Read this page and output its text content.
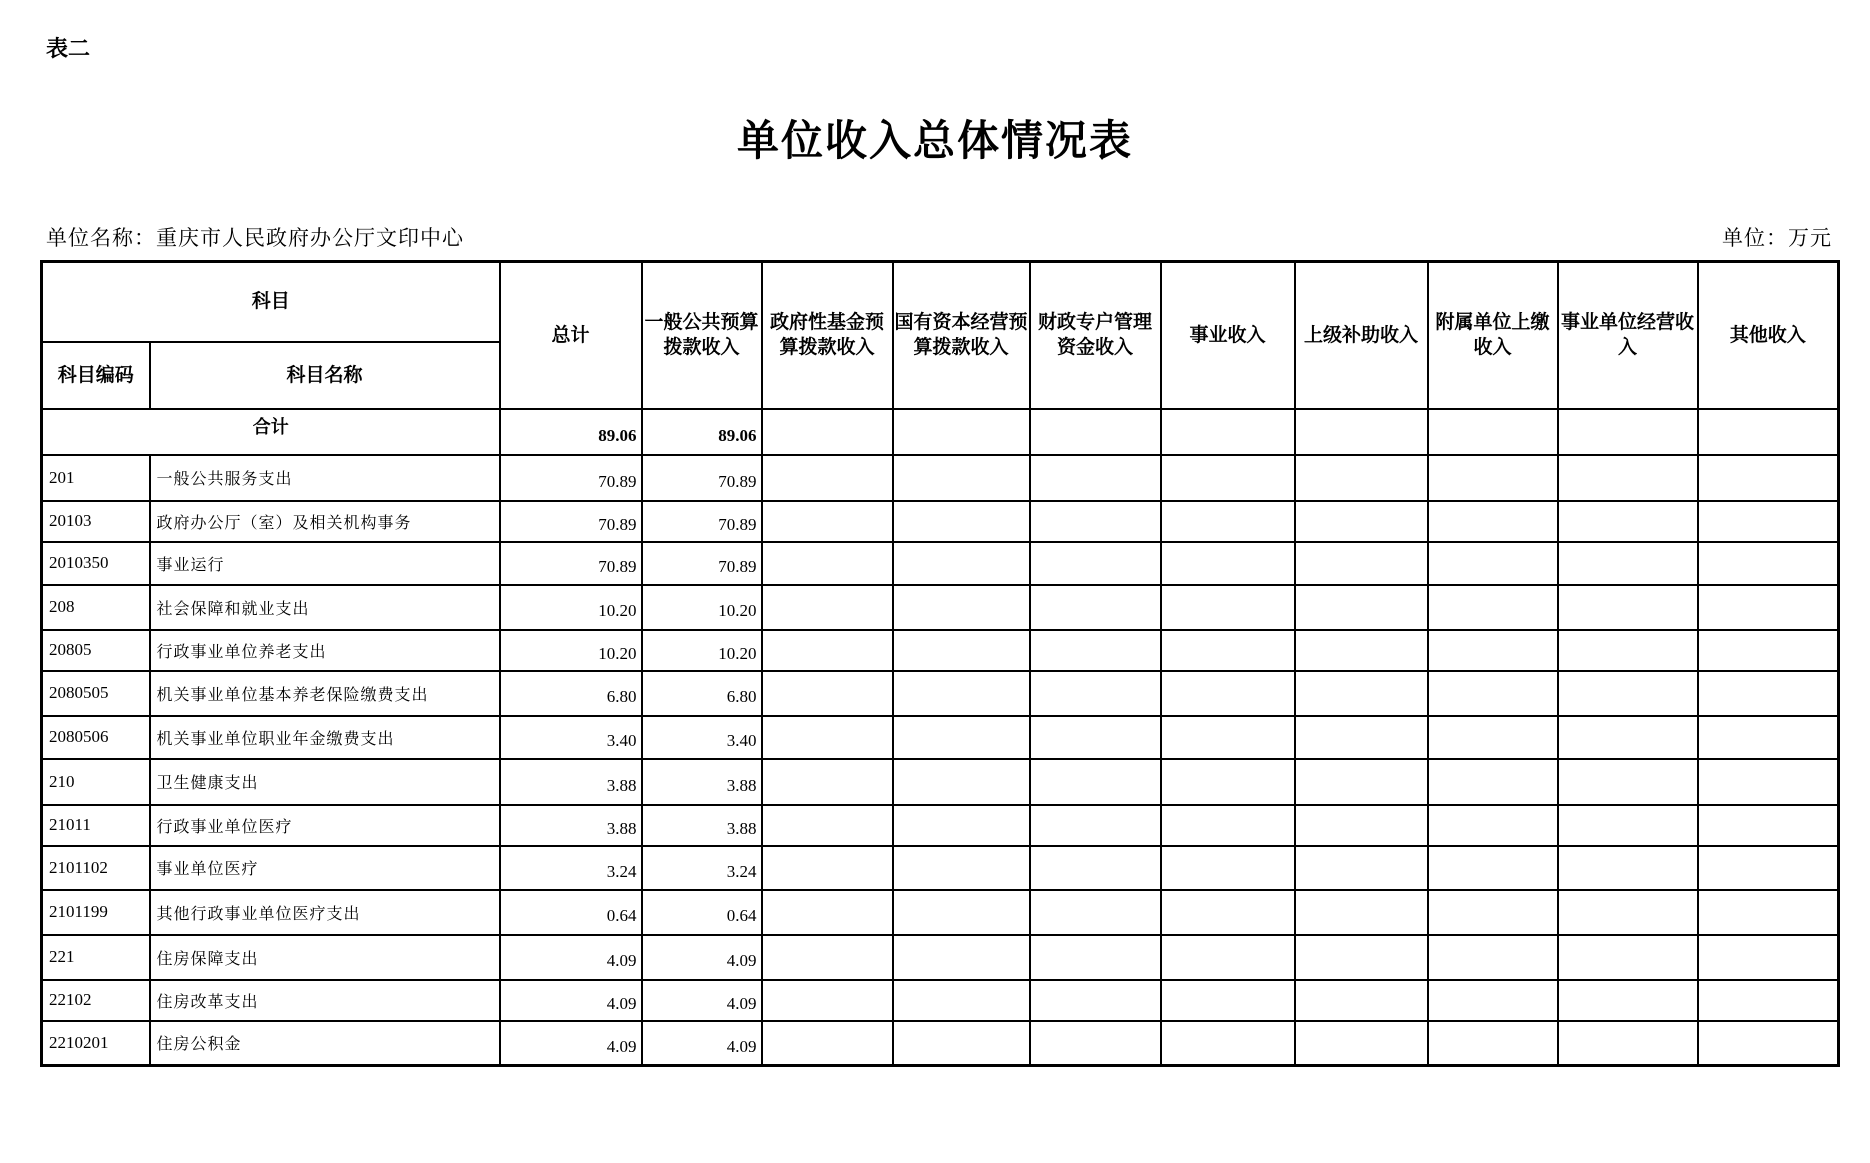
表二
单位收入总体情况表
单位名称：重庆市人民政府办公厅文印中心	单位：万元
科目		总计	一般公共预算拨款收入	政府性基金预算拨款收入	国有资本经营预算拨款收入	财政专户管理资金收入	事业收入	上级补助收入	附属单位上缴收入	事业单位经营收入	其他收入
科目编码	科目名称										
合计		89.06	89.06								
201	一般公共服务支出	70.89	70.89								
20103	政府办公厅（室）及相关机构事务	70.89	70.89								
2010350	事业运行	70.89	70.89								
208	社会保障和就业支出	10.20	10.20								
20805	行政事业单位养老支出	10.20	10.20								
2080505	机关事业单位基本养老保险缴费支出	6.80	6.80								
2080506	机关事业单位职业年金缴费支出	3.40	3.40								
210	卫生健康支出	3.88	3.88								
21011	行政事业单位医疗	3.88	3.88								
2101102	事业单位医疗	3.24	3.24								
2101199	其他行政事业单位医疗支出	0.64	0.64								
221	住房保障支出	4.09	4.09								
22102	住房改革支出	4.09	4.09								
2210201	住房公积金	4.09	4.09								
